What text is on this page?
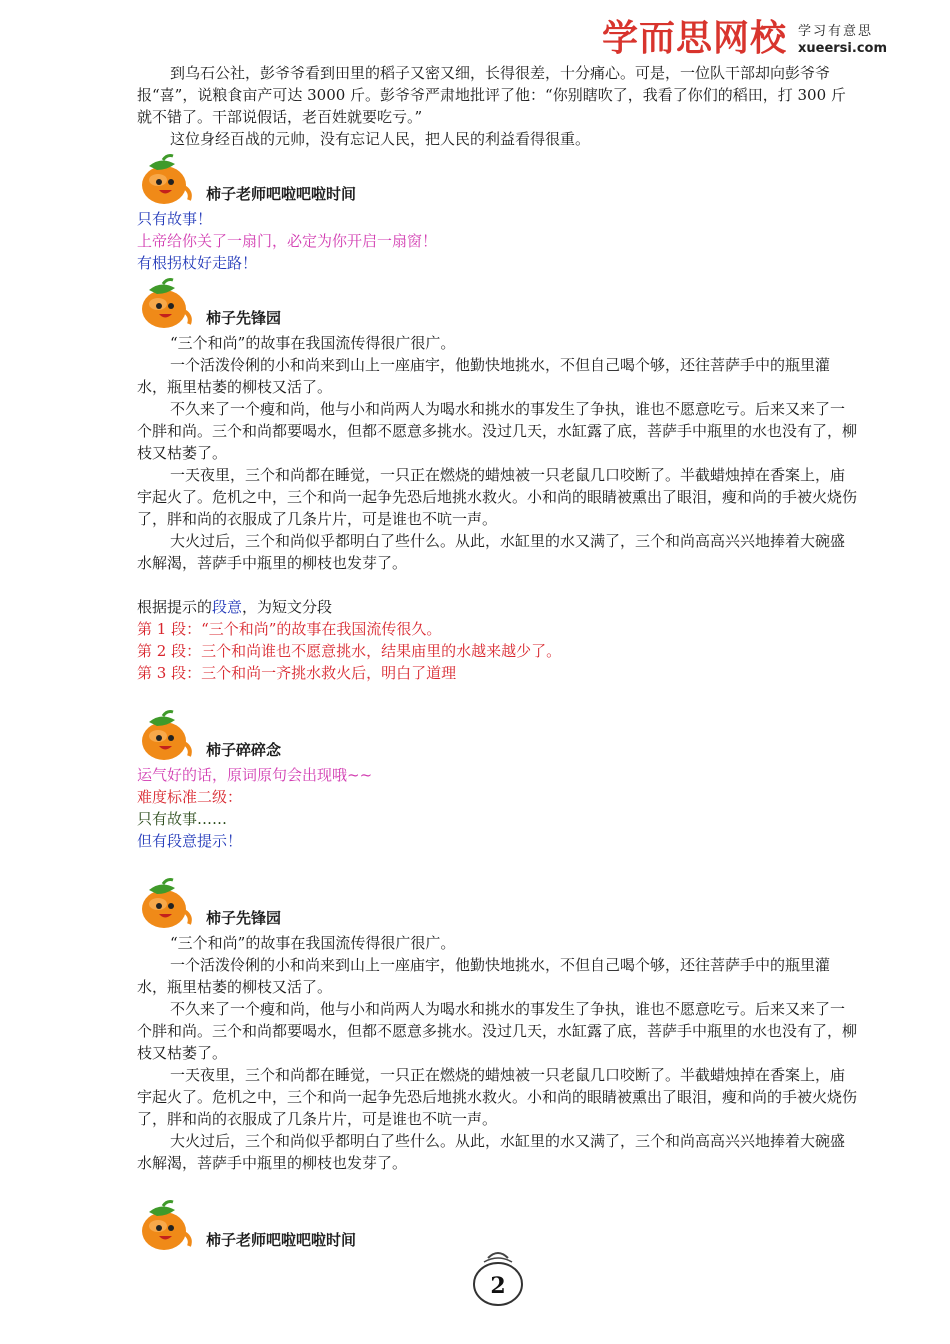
学而思网校 学习有意思
xueersi.com

到乌石公社，彭爷爷看到田里的稻子又密又细，长得很差，十分痛心。可是，一位队干部却向彭爷爷报“喜”，说粮食亩产可达 3000 斤。彭爷爷严肃地批评了他：“你别瞎吹了，我看了你们的稻田，打 300 斤就不错了。干部说假话，老百姓就要吃亏。”

这位身经百战的元帅，没有忘记人民，把人民的利益看得很重。

柿子老师吧啦吧啦时间

只有故事！

上帝给你关了一扇门，必定为你开启一扇窗！

有根拐杖好走路！

柿子先锋园

“三个和尚”的故事在我国流传得很广很广。

一个活泼伶俐的小和尚来到山上一座庙宇，他勤快地挑水，不但自己喝个够，还往菩萨手中的瓶里灌水，瓶里枯萎的柳枝又活了。

不久来了一个瘦和尚，他与小和尚两人为喝水和挑水的事发生了争执，谁也不愿意吃亏。后来又来了一个胖和尚。三个和尚都要喝水，但都不愿意多挑水。没过几天，水缸露了底，菩萨手中瓶里的水也没有了，柳枝又枯萎了。

一天夜里，三个和尚都在睡觉，一只正在燃烧的蜡烛被一只老鼠几口咬断了。半截蜡烛掉在香案上，庙宇起火了。危机之中，三个和尚一起争先恐后地挑水救火。小和尚的眼睛被熏出了眼泪，瘦和尚的手被火烧伤了，胖和尚的衣服成了几条片片，可是谁也不吭一声。

大火过后，三个和尚似乎都明白了些什么。从此，水缸里的水又满了，三个和尚高高兴兴地捧着大碗盛水解渴，菩萨手中瓶里的柳枝也发芽了。

根据提示的段意，为短文分段

第 1 段：“三个和尚”的故事在我国流传很久。

第 2 段：三个和尚谁也不愿意挑水，结果庙里的水越来越少了。

第 3 段：三个和尚一齐挑水救火后，明白了道理

柿子碎碎念

运气好的话，原词原句会出现哦~~

难度标准二级：

只有故事……

但有段意提示！

柿子先锋园

“三个和尚”的故事在我国流传得很广很广。

一个活泼伶俐的小和尚来到山上一座庙宇，他勤快地挑水，不但自己喝个够，还往菩萨手中的瓶里灌水，瓶里枯萎的柳枝又活了。

不久来了一个瘦和尚，他与小和尚两人为喝水和挑水的事发生了争执，谁也不愿意吃亏。后来又来了一个胖和尚。三个和尚都要喝水，但都不愿意多挑水。没过几天，水缸露了底，菩萨手中瓶里的水也没有了，柳枝又枯萎了。

一天夜里，三个和尚都在睡觉，一只正在燃烧的蜡烛被一只老鼠几口咬断了。半截蜡烛掉在香案上，庙宇起火了。危机之中，三个和尚一起争先恐后地挑水救火。小和尚的眼睛被熏出了眼泪，瘦和尚的手被火烧伤了，胖和尚的衣服成了几条片片，可是谁也不吭一声。

大火过后，三个和尚似乎都明白了些什么。从此，水缸里的水又满了，三个和尚高高兴兴地捧着大碗盛水解渴，菩萨手中瓶里的柳枝也发芽了。

柿子老师吧啦吧啦时间
2
